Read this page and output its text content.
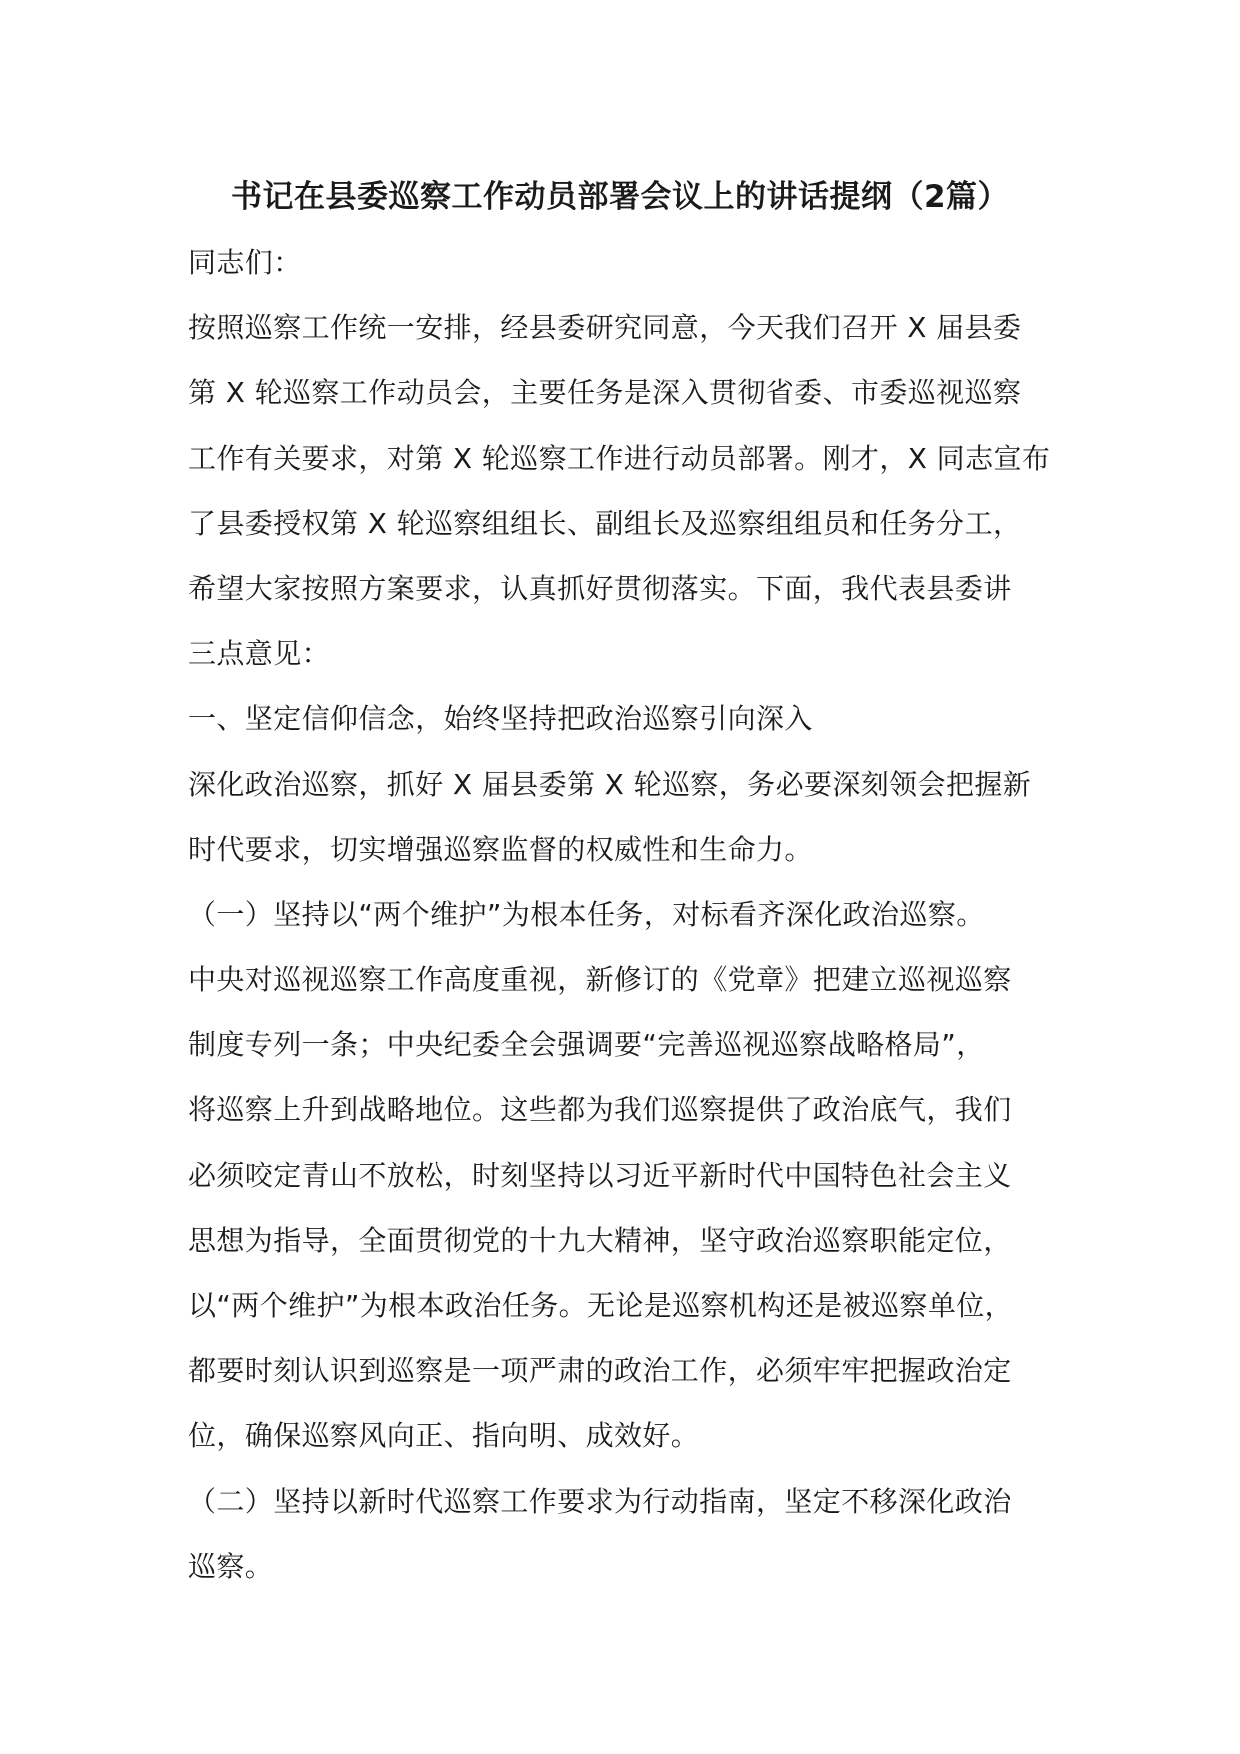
书记在县委巡察工作动员部署会议上的讲话提纲（2篇）
同志们：
按照巡察工作统一安排，经县委研究同意，今天我们召开 X 届县委
第 X 轮巡察工作动员会，主要任务是深入贯彻省委、市委巡视巡察
工作有关要求，对第 X 轮巡察工作进行动员部署。刚才，X 同志宣布
了县委授权第 X 轮巡察组组长、副组长及巡察组组员和任务分工，
希望大家按照方案要求，认真抓好贯彻落实。下面，我代表县委讲
三点意见：
一、坚定信仰信念，始终坚持把政治巡察引向深入
深化政治巡察，抓好 X 届县委第 X 轮巡察，务必要深刻领会把握新
时代要求，切实增强巡察监督的权威性和生命力。
（一）坚持以“两个维护”为根本任务，对标看齐深化政治巡察。
中央对巡视巡察工作高度重视，新修订的《党章》把建立巡视巡察
制度专列一条；中央纪委全会强调要“完善巡视巡察战略格局”，
将巡察上升到战略地位。这些都为我们巡察提供了政治底气，我们
必须咬定青山不放松，时刻坚持以习近平新时代中国特色社会主义
思想为指导，全面贯彻党的十九大精神，坚守政治巡察职能定位，
以“两个维护”为根本政治任务。无论是巡察机构还是被巡察单位，
都要时刻认识到巡察是一项严肃的政治工作，必须牢牢把握政治定
位，确保巡察风向正、指向明、成效好。
（二）坚持以新时代巡察工作要求为行动指南，坚定不移深化政治
巡察。
